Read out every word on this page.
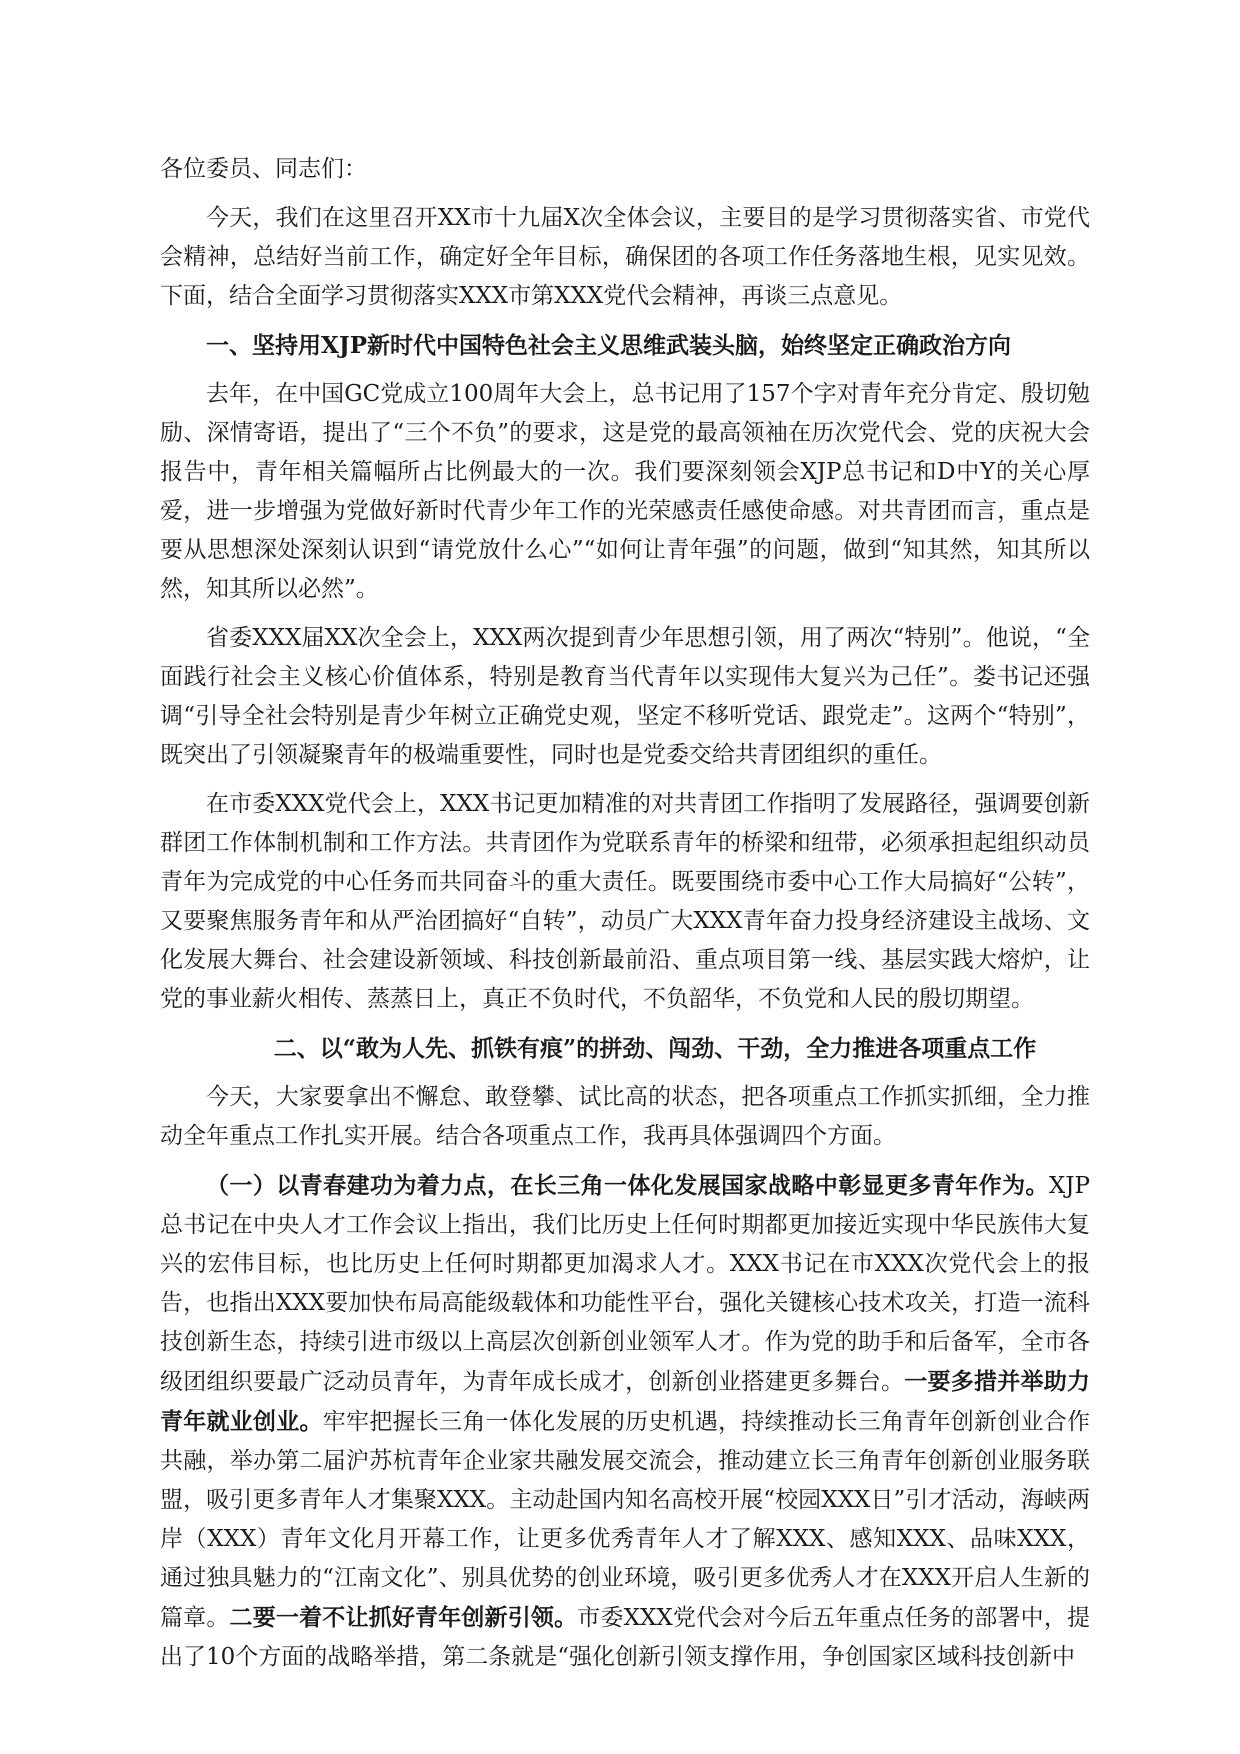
各位委员、同志们：

今天，我们在这里召开XX市十九届X次全体会议，主要目的是学习贯彻落实省、市党代会精神，总结好当前工作，确定好全年目标，确保团的各项工作任务落地生根，见实见效。下面，结合全面学习贯彻落实XXX市第XXX党代会精神，再谈三点意见。

一、坚持用XJP新时代中国特色社会主义思维武装头脑，始终坚定正确政治方向

去年，在中国GC党成立100周年大会上，总书记用了157个字对青年充分肯定、殷切勉励、深情寄语，提出了“三个不负”的要求，这是党的最高领袖在历次党代会、党的庆祝大会报告中，青年相关篇幅所占比例最大的一次。我们要深刻领会XJP总书记和D中Y的关心厚爱，进一步增强为党做好新时代青少年工作的光荣感责任感使命感。对共青团而言，重点是要从思想深处深刻认识到“请党放什么心”“如何让青年强”的问题，做到“知其然，知其所以然，知其所以必然”。

省委XXX届XX次全会上，XXX两次提到青少年思想引领，用了两次“特别”。他说，“全面践行社会主义核心价值体系，特别是教育当代青年以实现伟大复兴为己任”。娄书记还强调“引导全社会特别是青少年树立正确党史观，坚定不移听党话、跟党走”。这两个“特别”，既突出了引领凝聚青年的极端重要性，同时也是党委交给共青团组织的重任。

在市委XXX党代会上，XXX书记更加精准的对共青团工作指明了发展路径，强调要创新群团工作体制机制和工作方法。共青团作为党联系青年的桥梁和纽带，必须承担起组织动员青年为完成党的中心任务而共同奋斗的重大责任。既要围绕市委中心工作大局搞好“公转”，又要聚焦服务青年和从严治团搞好“自转”，动员广大XXX青年奋力投身经济建设主战场、文化发展大舞台、社会建设新领域、科技创新最前沿、重点项目第一线、基层实践大熔炉，让党的事业薪火相传、蒸蒸日上，真正不负时代，不负韶华，不负党和人民的殷切期望。

二、以“敢为人先、抓铁有痕”的拼劲、闯劲、干劲，全力推进各项重点工作

今天，大家要拿出不懈怠、敢登攀、试比高的状态，把各项重点工作抓实抓细，全力推动全年重点工作扎实开展。结合各项重点工作，我再具体强调四个方面。

（一）以青春建功为着力点，在长三角一体化发展国家战略中彰显更多青年作为。XJP总书记在中央人才工作会议上指出，我们比历史上任何时期都更加接近实现中华民族伟大复兴的宏伟目标，也比历史上任何时期都更加渴求人才。XXX书记在市XXX次党代会上的报告，也指出XXX要加快布局高能级载体和功能性平台，强化关键核心技术攻关，打造一流科技创新生态，持续引进市级以上高层次创新创业领军人才。作为党的助手和后备军，全市各级团组织要最广泛动员青年，为青年成长成才，创新创业搭建更多舞台。一要多措并举助力青年就业创业。牢牢把握长三角一体化发展的历史机遇，持续推动长三角青年创新创业合作共融，举办第二届沪苏杭青年企业家共融发展交流会，推动建立长三角青年创新创业服务联盟，吸引更多青年人才集聚XXX。主动赴国内知名高校开展“校园XXX日”引才活动，海峡两岸（XXX）青年文化月开幕工作，让更多优秀青年人才了解XXX、感知XXX、品味XXX，通过独具魅力的“江南文化”、别具优势的创业环境，吸引更多优秀人才在XXX开启人生新的篇章。二要一着不让抓好青年创新引领。市委XXX党代会对今后五年重点任务的部署中，提出了10个方面的战略举措，第二条就是“强化创新引领支撑作用，争创国家区域科技创新中
